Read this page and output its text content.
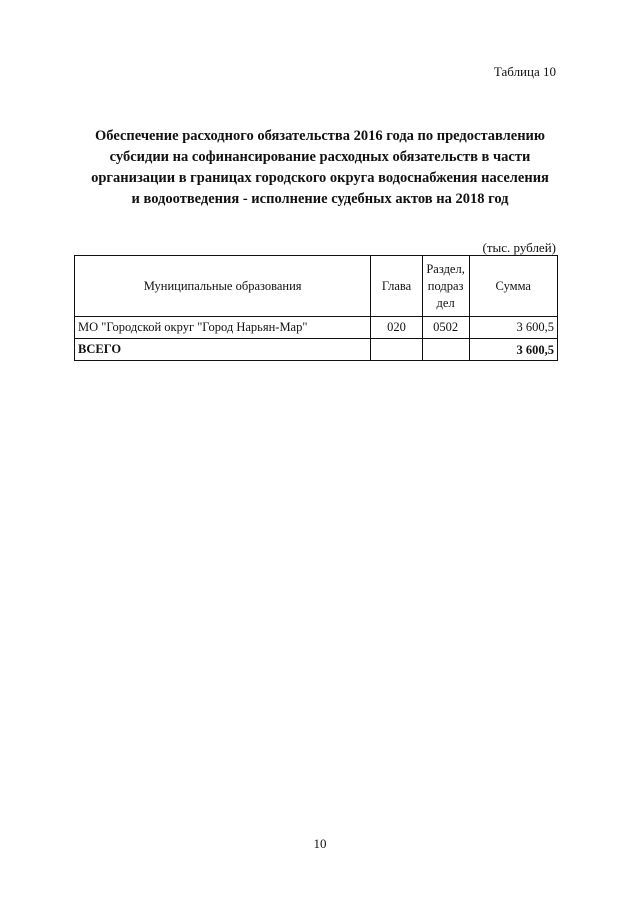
Таблица 10
Обеспечение расходного обязательства 2016 года по предоставлению
субсидии на софинансирование расходных обязательств в части
организации в границах городского округа водоснабжения населения
и водоотведения - исполнение судебных актов на 2018 год
(тыс. рублей)
Муниципальные образования	Глава	Раздел,
подраз
дел	Сумма
МО "Городской округ "Город Нарьян-Мар"	020	0502	3 600,5
ВСЕГО			3 600,5
10
